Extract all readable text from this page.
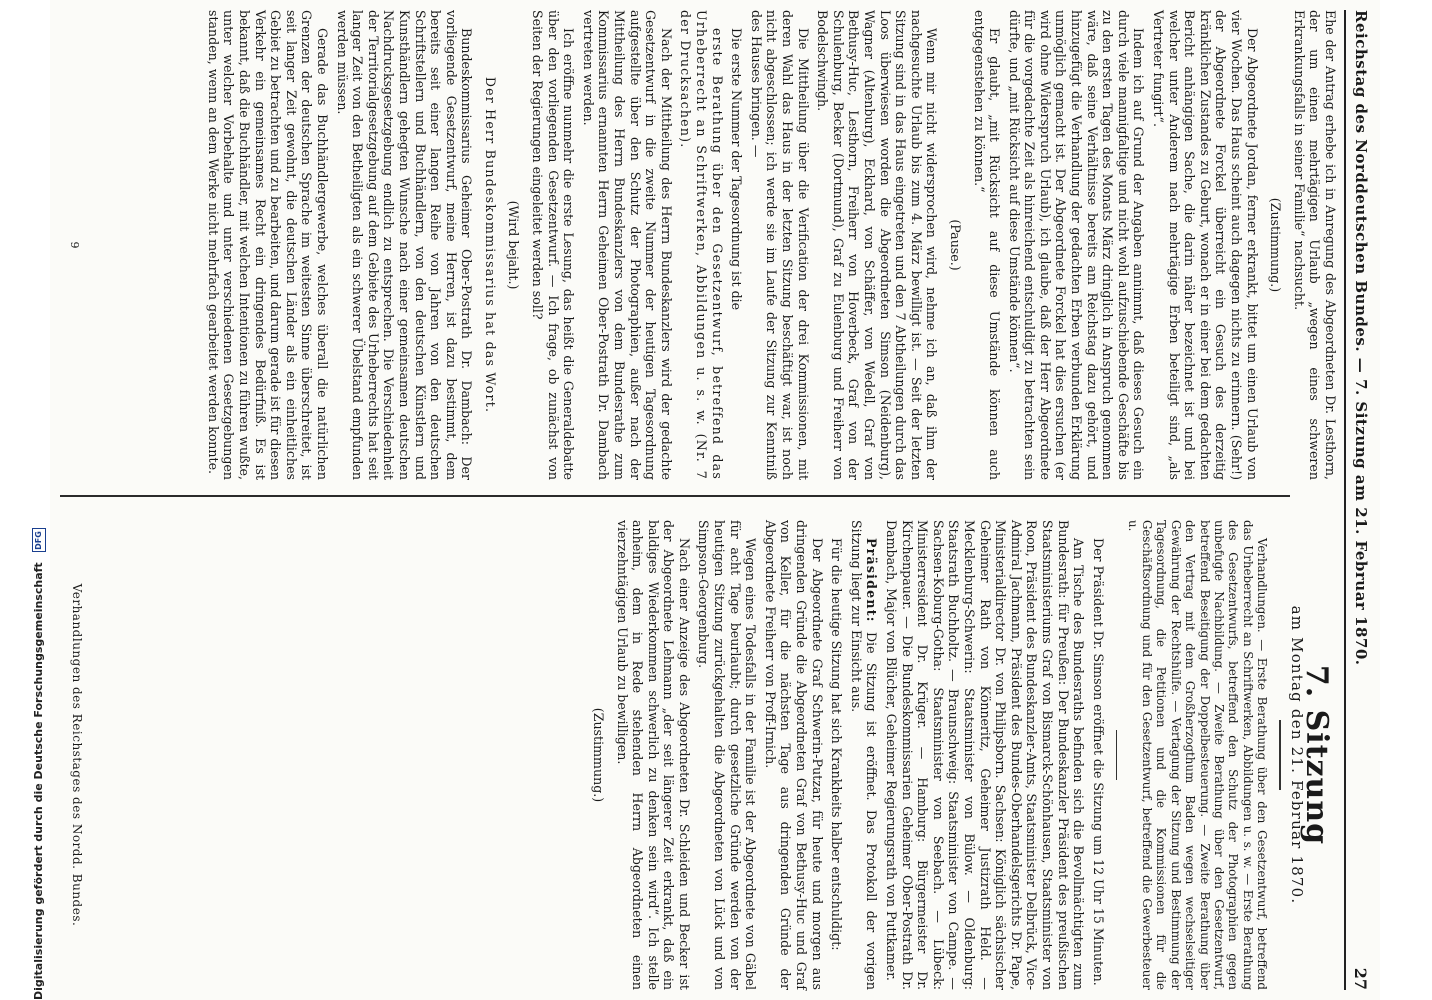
Digitalisierung gefördert durch die Deutsche Forschungsgemeinschaft DFG	Reichstag des Norddeutschen Bundes. — 7. Sitzung am 21. Februar 1870.
27

Ehe der Antrag erhebe ich in Anregung des Abgeordneten Dr. Lesthorn, der um einen mehrtägigen Urlaub „wegen eines schweren Erkrankungsfalls in seiner Familie“ nachsucht.

(Zustimmung.)

Der Abgeordnete Jordan, ferner erkrankt, bittet um einen Urlaub von vier Wochen. Das Haus scheint auch dagegen nichts zu erinnern. (Sehr!) der Abgeordnete Forckel überreicht ein Gesuch des derzeitig kränklichen Zustandes zu Geburt, wonach er in einer bei dem gedachten Bericht anhängigen Sache, die darin näher bezeichnet ist und bei welcher unter Anderem nach mehrtägige Erben beteiligt sind, „als Vertreter fungirt“.

Indem ich auf Grund der Angaben annimmt, daß dieses Gesuch ein durch viele mannigfaltige und nicht wohl aufzuschiebende Geschäfte bis zu den ersten Tagen des Monats März dringlich in Anspruch genommen wäre, daß seine Verhältnisse bereits am Reichstag dazu gehört, und hinzugefügt die Verhandlung der gedachten Erben verbunden Erklärung unmöglich gemacht ist. Der Abgeordnete Forckel hat dies ersuchen (er wird ohne Widerspruch Urlaub), ich glaube, daß der Herr Abgeordnete für die vorgedachte Zeit als hinreichend entschuldigt zu betrachten sein dürfte, und „mit Rücksicht auf diese Umstände können“.

Er glaubt, „mit Rücksicht auf diese Umstände können auch entgegenstehen zu können.“

(Pause.)

Wenn mir nicht widersprochen wird, nehme ich an, daß ihm der nachgesuchte Urlaub bis zum 4. März bewilligt ist. — Seit der letzten Sitzung sind in das Haus eingetreten und den 7 Abtheilungen durch das Loos überwiesen worden die Abgeordneten Simson (Neidenburg), Wagner (Altenburg), Eckhard, von Schäffer, von Wedell, Graf von Bethusy-Huc, Lesthorn, Freiherr von Hoverbeck, Graf von der Schulenburg, Becker (Dortmund), Graf zu Eulenburg und Freiherr von Bodelschwingh.

Die Mittheilung über die Verification der drei Kommissionen, mit deren Wahl das Haus in der letzten Sitzung beschäftigt war, ist noch nicht abgeschlossen; ich werde sie im Laufe der Sitzung zur Kenntniß des Hauses bringen. —

Die erste Nummer der Tagesordnung ist die

erste Berathung über den Gesetzentwurf, betreffend das Urheberrecht an Schriftwerken, Abbildungen u. s. w. (Nr. 7 der Drucksachen).

Nach der Mittheilung des Herrn Bundeskanzlers wird der gedachte Gesetzentwurf in die zweite Nummer der heutigen Tagesordnung aufgestellte über den Schutz der Photographien, außer nach der Mittheilung des Herrn Bundeskanzlers von dem Bundesrathe zum Kommissarius ernannten Herrn Geheimen Ober-Postrath Dr. Dambach vertreten werden.

Ich eröffne nunmehr die erste Lesung, das heißt die Generaldebatte über den vorliegenden Gesetzentwurf. — Ich frage, ob zunächst von Seiten der Regierungen eingeleitet werden soll?

(Wird bejaht.)

Der Herr Bundeskommissarius hat das Wort.

Bundeskommissarius Geheimer Ober-Postrath Dr. Dambach: Der vorliegende Gesetzentwurf, meine Herren, ist dazu bestimmt, dem bereits seit einer langen Reihe von Jahren von den deutschen Schriftstellern und Buchhändlern, von den deutschen Künstlern und Kunsthändlern gehegten Wunsche nach einer gemeinsamen deutschen Nachdrucksgesetzgebung endlich zu entsprechen. Die Verschiedenheit der Territorialgesetzgebung auf dem Gebiete des Urheberrechts hat seit langer Zeit von den Betheiligten als ein schwerer Übelstand empfunden werden müssen.

Gerade das Buchhändlergewerbe, welches überall die natürlichen Grenzen der deutschen Sprache im weitesten Sinne überschreitet, ist seit langer Zeit gewohnt, die deutschen Länder als ein einheitliches Gebiet zu betrachten und zu bearbeiten, und darum gerade ist für diesen Verkehr ein gemeinsames Recht ein dringendes Bedürfniß. Es ist bekannt, daß die Buchhändler, mit welchen Intentionen zu führen wußte, unter welcher Vorbehalte und unter verschiedenen Gesetzgebungen standen, wenn an dem Werke nicht mehrfach gearbeitet werden konnte.

9
7. Sitzung
am Montag den 21. Februar 1870.

Verhandlungen. — Erste Berathung über den Gesetzentwurf, betreffend das Urheberrecht an Schriftwerken, Abbildungen u. s. w. — Erste Berathung des Gesetzentwurfs, betreffend den Schutz der Photographien gegen unbefugte Nachbildung. — Zweite Berathung über den Gesetzentwurf, betreffend Beseitigung der Doppelbesteuerung. — Zweite Berathung über den Vertrag mit dem Großherzogthum Baden wegen wechselseitiger Gewährung der Rechtshülfe. — Vertagung der Sitzung und Bestimmung der Tagesordnung, die Petitionen und die Kommissionen für die Geschäftsordnung und für den Gesetzentwurf, betreffend die Gewerbesteuer u.

Der Präsident Dr. Simson eröffnet die Sitzung um 12 Uhr 15 Minuten.

Am Tische des Bundesraths befinden sich die Bevollmächtigten zum Bundesrath: für Preußen: Der Bundeskanzler Präsident des preußischen Staatsministeriums Graf von Bismarck-Schönhausen, Staatsminister von Roon, Präsident des Bundeskanzler-Amts, Staatsminister Delbrück, Vice-Admiral Jachmann, Präsident des Bundes-Oberhandelsgerichts Dr. Pape, Ministerialdirector Dr. von Philipsborn. Sachsen: Königlich sächsischer Geheimer Rath von Könneritz, Geheimer Justizrath Held. — Mecklenburg-Schwerin: Staatsminister von Bülow. — Oldenburg: Staatsrath Buchholtz. — Braunschweig: Staatsminister von Campe. — Sachsen-Koburg-Gotha: Staatsminister von Seebach. — Lübeck: Ministerresident Dr. Krüger. — Hamburg: Bürgermeister Dr. Kirchenpauer. — Die Bundeskommissarien Geheimer Ober-Postrath Dr. Dambach, Major von Blücher, Geheimer Regierungsrath von Puttkamer.

Präsident: Die Sitzung ist eröffnet. Das Protokoll der vorigen Sitzung liegt zur Einsicht aus.

Für die heutige Sitzung hat sich Krankheits halber entschuldigt:

Der Abgeordnete Graf Schwerin-Putzar, für heute und morgen aus dringenden Gründe die Abgeordneten Graf von Bethusy-Huc und Graf von Keller, für die nächsten Tage aus dringenden Gründe der Abgeordnete Freiherr von Proff-Irnich.

Wegen eines Todesfalls in der Familie ist der Abgeordnete von Gäbel für acht Tage beurlaubt; durch gesetzliche Gründe werden von der heutigen Sitzung zurückgehalten die Abgeordneten von Lück und von Simpson-Georgenburg.

Nach einer Anzeige des Abgeordneten Dr. Schleiden und Becker ist der Abgeordnete Lehmann „der seit längerer Zeit erkrankt, daß ein baldiges Wiederkommen schwerlich zu denken sein wird“. Ich stelle anheim, dem in Rede stehenden Herrn Abgeordneten einen vierzehntägigen Urlaub zu bewilligen.

(Zustimmung.)

Verhandlungen des Reichstages des Nordd. Bundes.
